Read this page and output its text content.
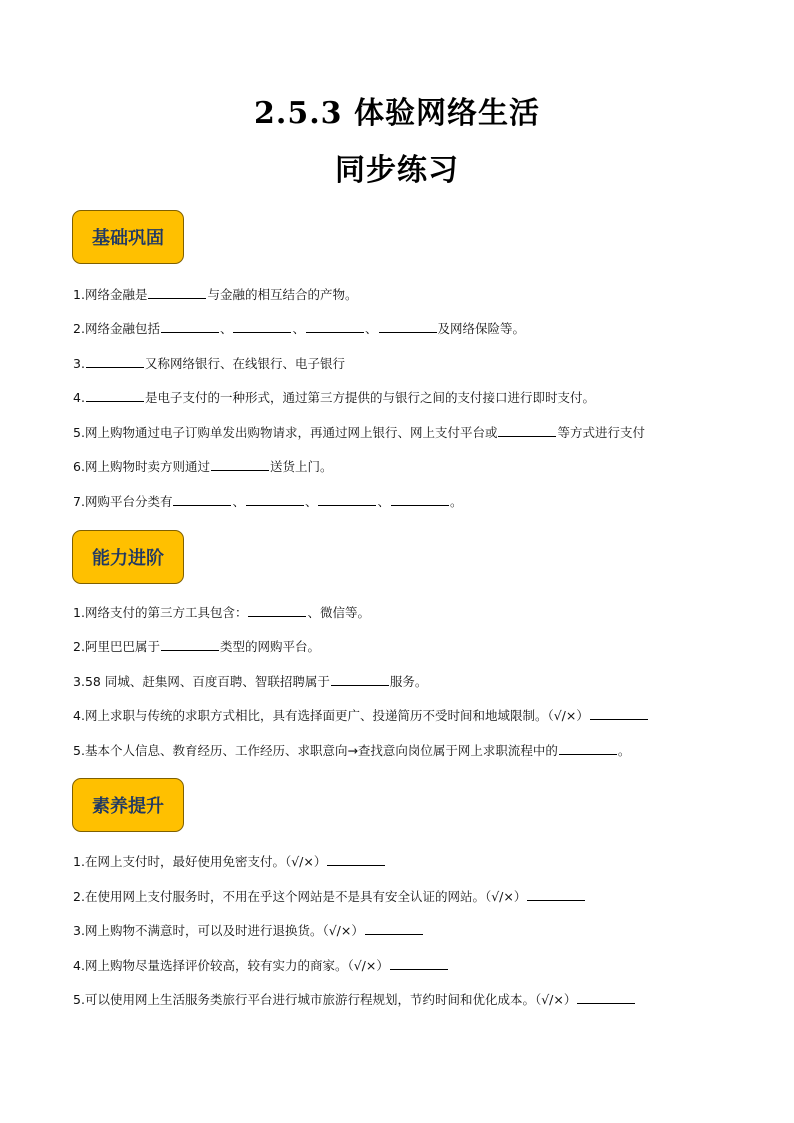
2.5.3 体验网络生活
同步练习
基础巩固
1.网络金融是	与金融的相互结合的产物。
2.网络金融包括	、	、	、	及网络保险等。
3.	又称网络银行、在线银行、电子银行
4.	是电子支付的一种形式，通过第三方提供的与银行之间的支付接口进行即时支付。
5.网上购物通过电子订购单发出购物请求，再通过网上银行、网上支付平台或	等方式进行支付
6.网上购物时卖方则通过	送货上门。
7.网购平台分类有	、	、	、	。
能力进阶
1.网络支付的第三方工具包含：	、微信等。
2.阿里巴巴属于	类型的网购平台。
3.58 同城、赶集网、百度百聘、智联招聘属于	服务。
4.网上求职与传统的求职方式相比，具有选择面更广、投递简历不受时间和地域限制。（√/×）
5.基本个人信息、教育经历、工作经历、求职意向→查找意向岗位属于网上求职流程中的	。
素养提升
1.在网上支付时，最好使用免密支付。（√/×）
2.在使用网上支付服务时，不用在乎这个网站是不是具有安全认证的网站。（√/×）
3.网上购物不满意时，可以及时进行退换货。（√/×）
4.网上购物尽量选择评价较高，较有实力的商家。（√/×）
5.可以使用网上生活服务类旅行平台进行城市旅游行程规划，节约时间和优化成本。（√/×）
